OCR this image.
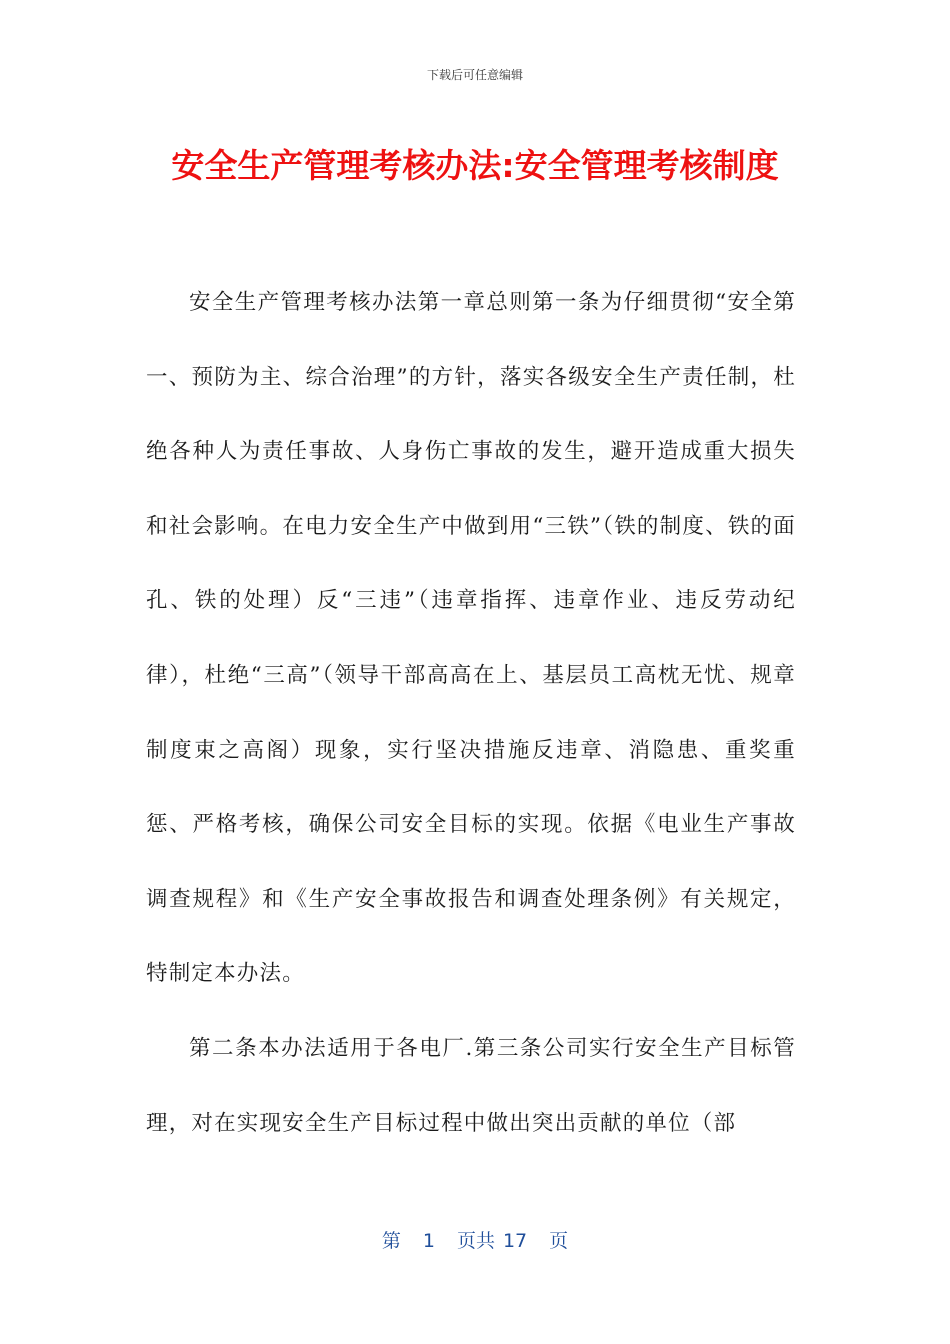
下载后可任意编辑
安全生产管理考核办法:安全管理考核制度

安全生产管理考核办法第一章总则第一条为仔细贯彻“安全第一、预防为主、综合治理”的方针，落实各级安全生产责任制，杜绝各种人为责任事故、人身伤亡事故的发生，避开造成重大损失和社会影响。在电力安全生产中做到用“三铁”（铁的制度、铁的面孔、铁的处理）反“三违”（违章指挥、违章作业、违反劳动纪律），杜绝“三高”（领导干部高高在上、基层员工高枕无忧、规章制度束之高阁）现象，实行坚决措施反违章、消隐患、重奖重惩、严格考核，确保公司安全目标的实现。依据《电业生产事故调查规程》和《生产安全事故报告和调查处理条例》有关规定，特制定本办法。

第二条本办法适用于各电厂.第三条公司实行安全生产目标管理，对在实现安全生产目标过程中做出突出贡献的单位（部

第 1 页共 17 页
